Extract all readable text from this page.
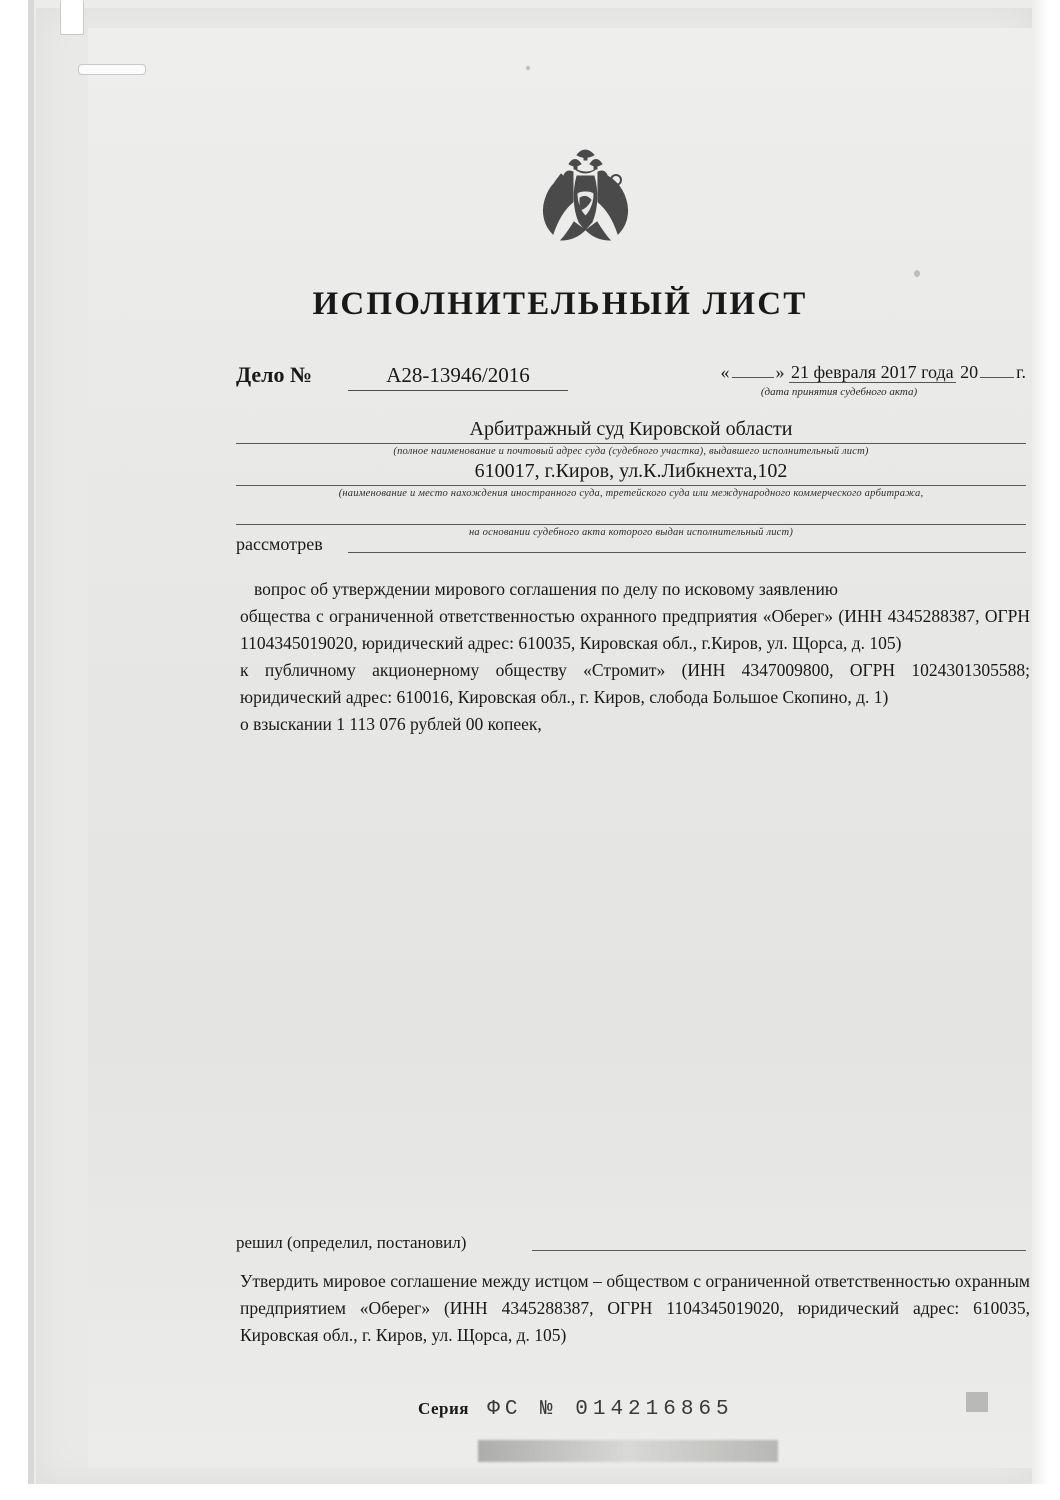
ИСПОЛНИТЕЛЬНЫЙ ЛИСТ
Дело №	А28-13946/2016	«	» 21 февраля 2017 года 20 г.
(дата принятия судебного акта)
Арбитражный суд Кировской области
(полное наименование и почтовый адрес суда (судебного участка), выдавшего исполнительный лист)
610017, г.Киров, ул.К.Либкнехта,102
(наименование и место нахождения иностранного суда, третейского суда или международного коммерческого арбитража,
на основании судебного акта которого выдан исполнительный лист)
рассмотрев

вопрос об утверждении мирового соглашения по делу по исковому заявлению

общества с ограниченной ответственностью охранного предприятия «Оберег» (ИНН 4345288387, ОГРН 1104345019020, юридический адрес: 610035, Кировская обл., г.Киров, ул. Щорса, д. 105)

к публичному акционерному обществу «Стромит» (ИНН 4347009800, ОГРН 1024301305588; юридический адрес: 610016, Кировская обл., г. Киров, слобода Большое Скопино, д. 1)

о взыскании 1 113 076 рублей 00 копеек,

решил (определил, постановил)
Утвердить мировое соглашение между истцом – обществом с ограниченной ответственностью охранным предприятием «Оберег» (ИНН 4345288387, ОГРН 1104345019020, юридический адрес: 610035, Кировская обл., г. Киров, ул. Щорса, д. 105)
Серия ФС № 014216865
